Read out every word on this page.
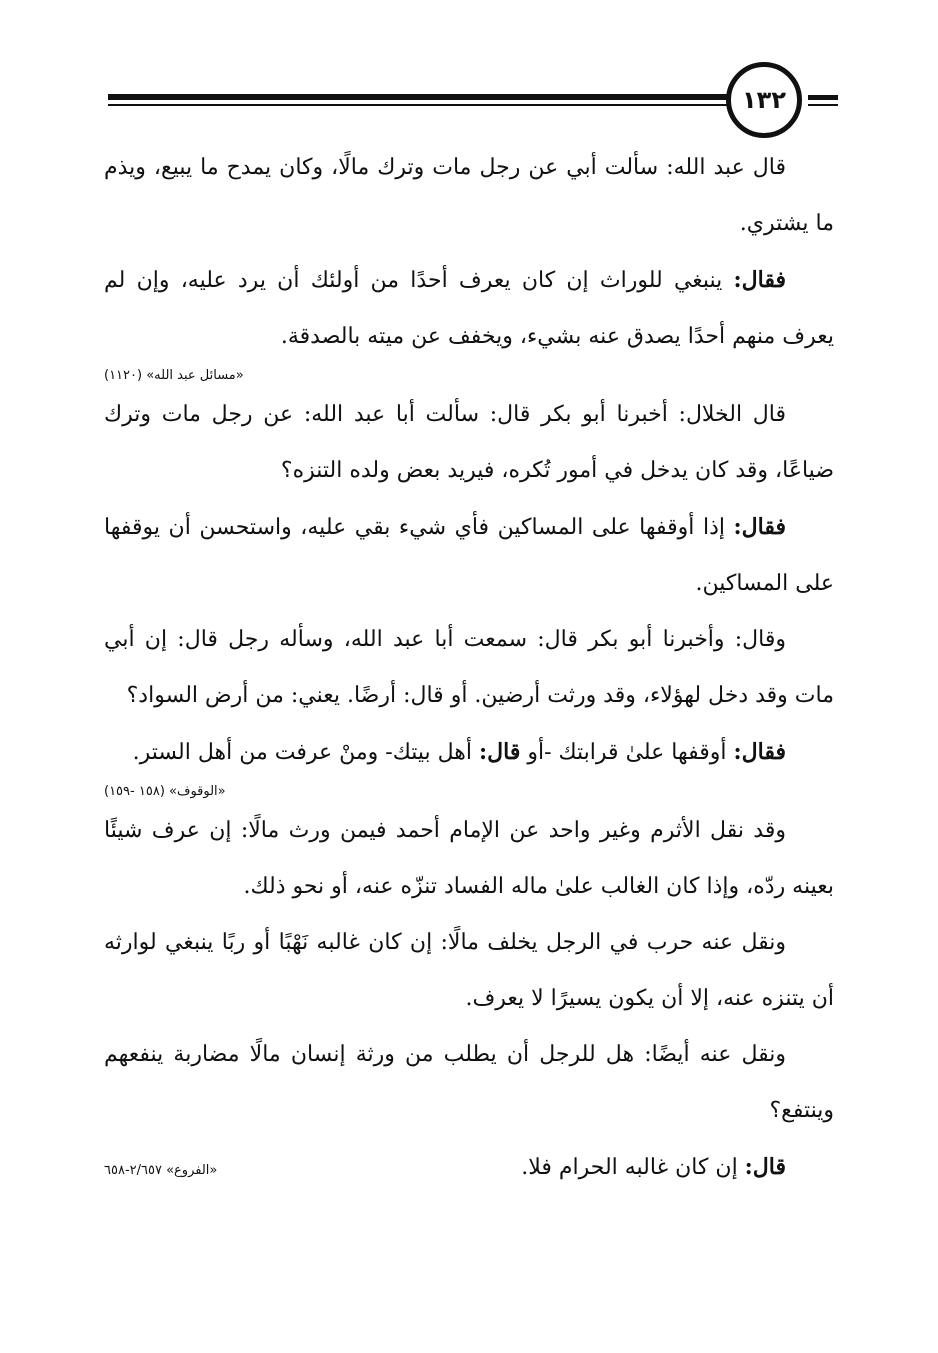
١٣٢

قال عبد الله: سألت أبي عن رجل مات وترك مالًا، وكان يمدح ما يبيع، ويذم ما يشتري.

فقال: ينبغي للوراث إن كان يعرف أحدًا من أولئك أن يرد عليه، وإن لم يعرف منهم أحدًا يصدق عنه بشيء، ويخفف عن ميته بالصدقة.

«مسائل عبد الله» (١١٢٠)

قال الخلال: أخبرنا أبو بكر قال: سألت أبا عبد الله: عن رجل مات وترك ضياعًا، وقد كان يدخل في أمور تُكره، فيريد بعض ولده التنزه؟

فقال: إذا أوقفها على المساكين فأي شيء بقي عليه، واستحسن أن يوقفها على المساكين.

وقال: وأخبرنا أبو بكر قال: سمعت أبا عبد الله، وسأله رجل قال: إن أبي مات وقد دخل لهؤلاء، وقد ورثت أرضين. أو قال: أرضًا. يعني: من أرض السواد؟

فقال: أوقفها علىٰ قرابتك -أو قال: أهل بيتك- ومنْ عرفت من أهل الستر.

«الوقوف» (١٥٨ -١٥٩)

وقد نقل الأثرم وغير واحد عن الإمام أحمد فيمن ورث مالًا: إن عرف شيئًا بعينه ردّه، وإذا كان الغالب علىٰ ماله الفساد تنزّه عنه، أو نحو ذلك.

ونقل عنه حرب في الرجل يخلف مالًا: إن كان غالبه نَهْبًا أو ربًا ينبغي لوارثه أن يتنزه عنه، إلا أن يكون يسيرًا لا يعرف.

ونقل عنه أيضًا: هل للرجل أن يطلب من ورثة إنسان مالًا مضاربة ينفعهم وينتفع؟

«الفروع» ٢/٦٥٧-٦٥٨	قال: إن كان غالبه الحرام فلا.
